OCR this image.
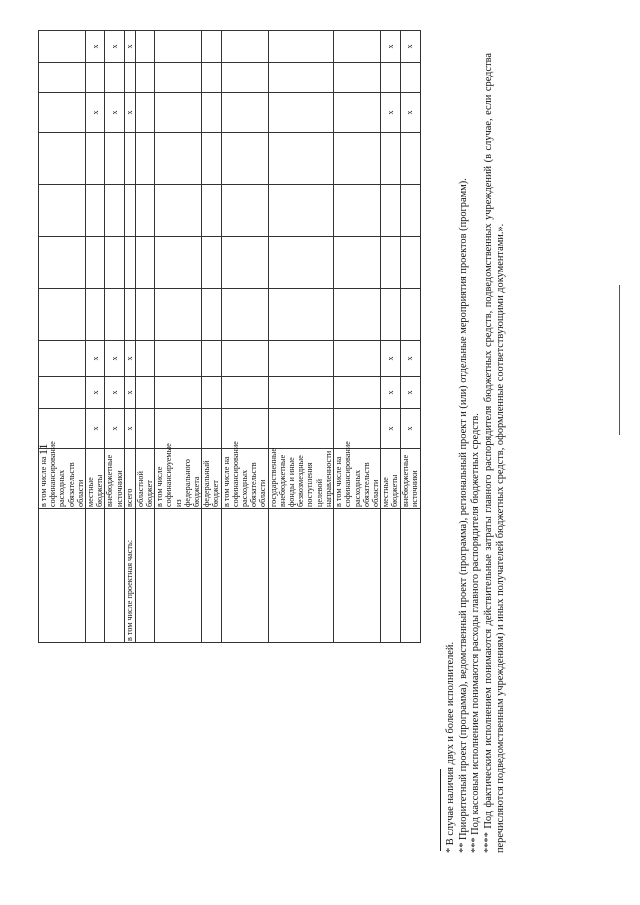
11
	в том числе на софинансирование расходных обязательств области										
	местные бюджеты	х	х	х					х		х
	внебюджетные источники	х	х	х					х		х
в том числе проектная часть:	всего	х	х	х					х		х
	областной бюджет										
	в том числе софинансируемые из федерального бюджета										
	федеральный бюджет										
	в том числе на софинансирование расходных обязательств области										
	государственные внебюджетные фонды и иные безвозмездные поступления целевой направленности										
	в том числе на софинансирование расходных обязательств области										
	местные бюджеты	х	х	х					х		х
	внебюджетные источники	х	х	х					х		х

* В случае наличия двух и более исполнителей. ** Приоритетный проект (программа), ведомственный проект (программа), региональный проект и (или) отдельные мероприятия проектов (программ). *** Под кассовым исполнением понимаются расходы главного распорядителя бюджетных средств. **** Под фактическим исполнением понимаются действительные затраты главного распорядителя бюджетных средств, подведомственных учреждений (в случае, если средства перечисляются подведомственным учреждениям) и иных получателей бюджетных средств, оформленные соответствующими документами.».
